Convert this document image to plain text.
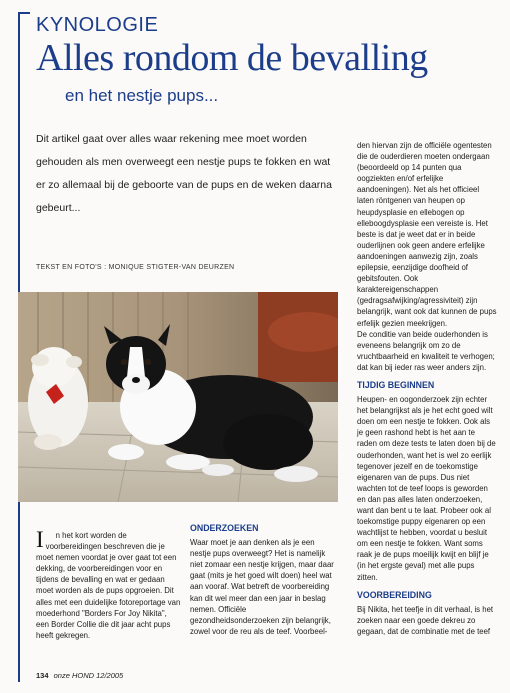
KYNOLOGIE
Alles rondom de bevalling
en het nestje pups...
Dit artikel gaat over alles waar rekening mee moet worden gehouden als men overweegt een nestje pups te fokken en wat er zo allemaal bij de geboorte van de pups en de weken daarna gebeurt...
TEKST EN FOTO'S : MONIQUE STIGTER-VAN DEURZEN

den hiervan zijn de officiële ogentesten die de ouderdieren moeten ondergaan (beoordeeld op 14 punten qua oogziekten en/of erfelijke aandoeningen). Net als het officieel laten röntgenen van heupen op heupdysplasie en ellebogen op elleboogdysplasie een vereiste is. Het beste is dat je weet dat er in beide ouderlijnen ook geen andere erfelijke aandoeningen aanwezig zijn, zoals epilepsie, eenzijdige doofheid of gebitsfouten. Ook karaktereigenschappen (gedragsafwijking/agressiviteit) zijn belangrijk, want ook dat kunnen de pups erfelijk gezien meekrijgen.

De conditie van beide ouderhonden is eveneens belangrijk om zo de vruchtbaarheid en kwaliteit te verhogen; dat kan bij ieder ras weer anders zijn.

TIJDIG BEGINNEN

Heupen- en oogonderzoek zijn echter het belangrijkst als je het echt goed wilt doen om een nestje te fokken. Ook als je geen rashond hebt is het aan te raden om deze tests te laten doen bij de ouderhonden, want het is wel zo eerlijk tegenover jezelf en de toekomstige eigenaren van de pups. Dus niet wachten tot de teef loops is geworden en dan pas alles laten onderzoeken, want dan bent u te laat. Probeer ook al toekomstige puppy eigenaren op een wachtlijst te hebben, voordat u besluit om een nestje te fokken. Want soms raak je de pups moeilijk kwijt en blijf je (in het ergste geval) met alle pups zitten.

VOORBEREIDING

Bij Nikita, het teefje in dit verhaal, is het zoeken naar een goede dekreu zo gegaan, dat de combinatie met de teef

I n het kort worden de voorbereidingen beschreven die je moet nemen voordat je over gaat tot een dekking, de voorbereidingen voor en tijdens de bevalling en wat er gedaan moet worden als de pups opgroeien. Dit alles met een duidelijke fotoreportage van moederhond "Borders For Joy Nikita", een Border Collie die dit jaar acht pups heeft gekregen.

ONDERZOEKEN

Waar moet je aan denken als je een nestje pups overweegt? Het is namelijk niet zomaar een nestje krijgen, maar daar gaat (mits je het goed wilt doen) heel wat aan vooraf. Wat betreft de voorbereiding kan dit wel meer dan een jaar in beslag nemen. Officiële gezondheidsonderzoeken zijn belangrijk, zowel voor de reu als de teef. Voorbeel-

134 onze HOND 12/2005
